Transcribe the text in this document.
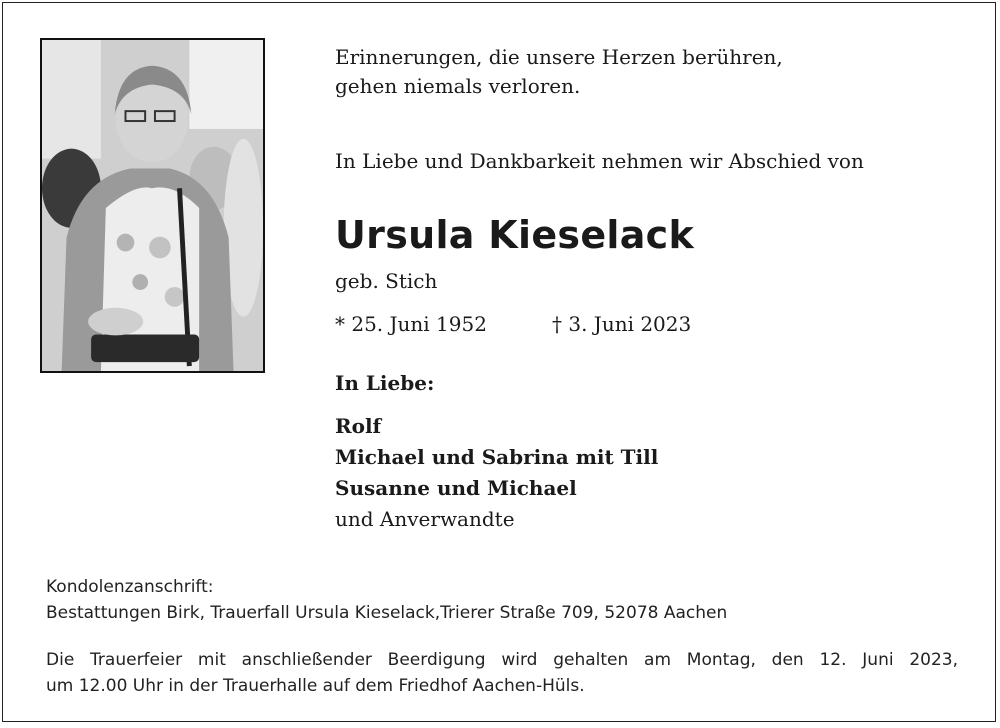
Erinnerungen, die unsere Herzen berühren,
gehen niemals verloren.
In Liebe und Dankbarkeit nehmen wir Abschied von
Ursula Kieselack
geb. Stich
* 25. Juni 1952	† 3. Juni 2023
In Liebe:
Rolf
Michael und Sabrina mit Till
Susanne und Michael
und Anverwandte
Kondolenzanschrift:
Bestattungen Birk, Trauerfall Ursula Kieselack,Trierer Straße 709, 52078 Aachen
Die Trauerfeier mit anschließender Beerdigung wird gehalten am Montag, den 12. Juni 2023,
um 12.00 Uhr in der Trauerhalle auf dem Friedhof Aachen-Hüls.
